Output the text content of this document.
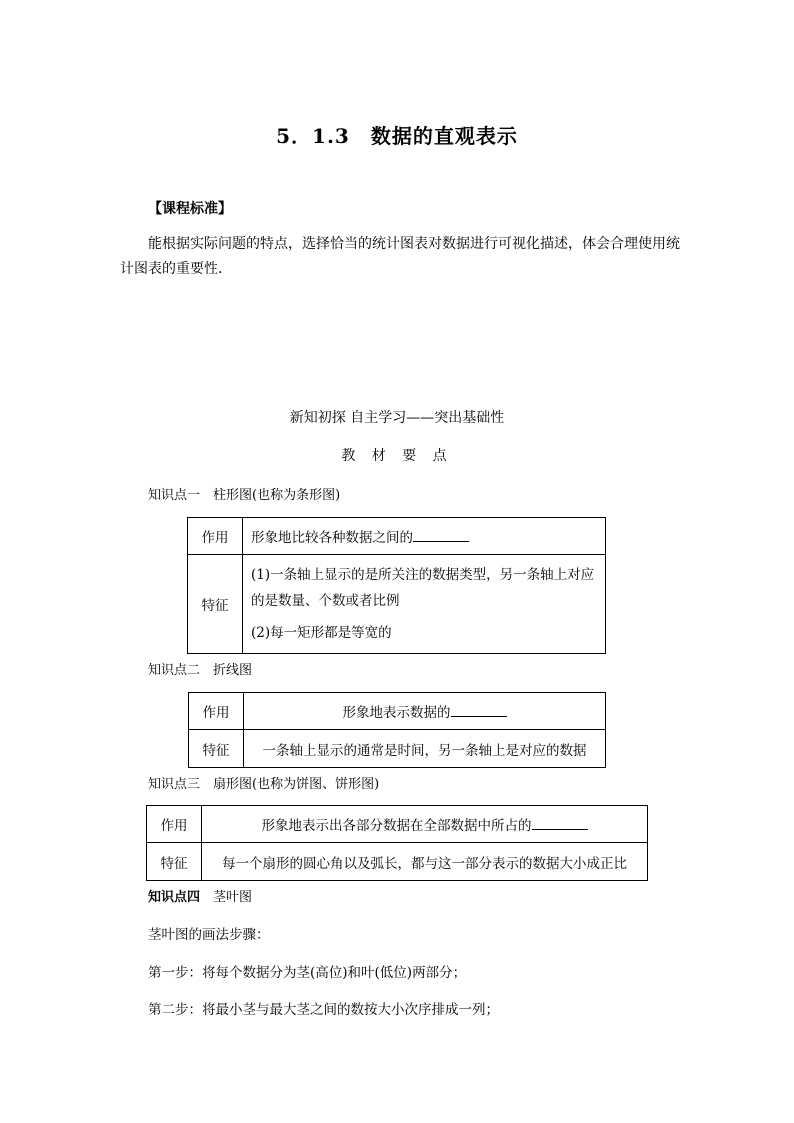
5．1.3　数据的直观表示
【课程标准】
能根据实际问题的特点，选择恰当的统计图表对数据进行可视化描述，体会合理使用统计图表的重要性．
新知初探 自主学习——突出基础性
教 材 要 点
知识点一　柱形图(也称为条形图)
作用	形象地比较各种数据之间的
特征	(1)一条轴上显示的是所关注的数据类型，另一条轴上对应的是数量、个数或者比例

(2)每一矩形都是等宽的

知识点二　折线图
作用	形象地表示数据的
特征	一条轴上显示的通常是时间，另一条轴上是对应的数据
知识点三　扇形图(也称为饼图、饼形图)
作用	形象地表示出各部分数据在全部数据中所占的
特征	每一个扇形的圆心角以及弧长，都与这一部分表示的数据大小成正比
知识点四　茎叶图
茎叶图的画法步骤：
第一步：将每个数据分为茎(高位)和叶(低位)两部分；
第二步：将最小茎与最大茎之间的数按大小次序排成一列；
